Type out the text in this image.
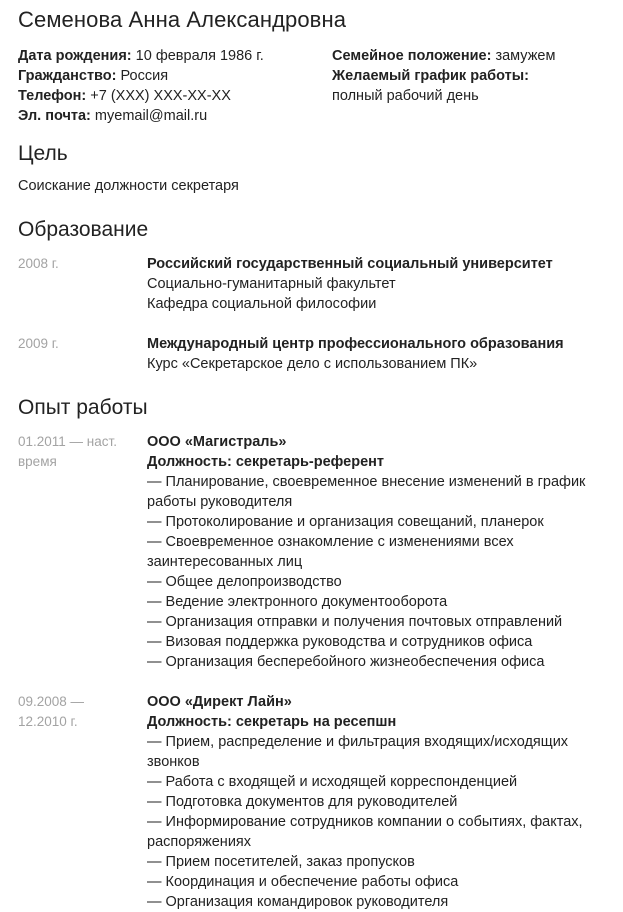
Семенова Анна Александровна
Дата рождения: 10 февраля 1986 г.
Гражданство: Россия
Телефон: +7 (XXX) XXX-XX-XX
Эл. почта: myemail@mail.ru
Семейное положение: замужем
Желаемый график работы:
полный рабочий день
Цель
Соискание должности секретаря
Образование
2008 г.	Российский государственный социальный университет
Социально-гуманитарный факультет
Кафедра социальной философии
2009 г.	Международный центр профессионального образования
Курс «Секретарское дело с использованием ПК»
Опыт работы
01.2011 — наст.
время
ООО «Магистраль»
Должность: секретарь-референт
— Планирование, своевременное внесение изменений в график
работы руководителя
— Протоколирование и организация совещаний, планерок
— Своевременное ознакомление с изменениями всех
заинтересованных лиц
— Общее делопроизводство
— Ведение электронного документооборота
— Организация отправки и получения почтовых отправлений
— Визовая поддержка руководства и сотрудников офиса
— Организация бесперебойного жизнеобеспечения офиса
09.2008 —
12.2010 г.
ООО «Директ Лайн»
Должность: секретарь на ресепшн
— Прием, распределение и фильтрация входящих/исходящих
звонков
— Работа с входящей и исходящей корреспонденцией
— Подготовка документов для руководителей
— Информирование сотрудников компании о событиях, фактах,
распоряжениях
— Прием посетителей, заказ пропусков
— Координация и обеспечение работы офиса
— Организация командировок руководителя
